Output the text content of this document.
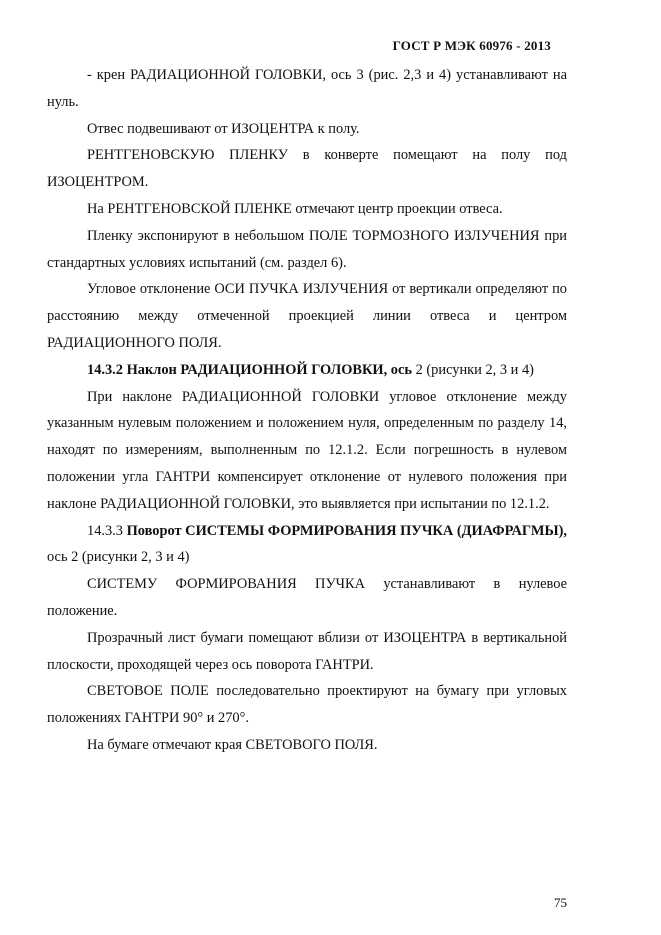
ГОСТ Р МЭК 60976 - 2013

- крен РАДИАЦИОННОЙ ГОЛОВКИ, ось 3 (рис. 2,3 и 4) устанавливают на нуль.

Отвес подвешивают от ИЗОЦЕНТРА к полу.

РЕНТГЕНОВСКУЮ ПЛЕНКУ в конверте помещают на полу под ИЗОЦЕНТРОМ.

На РЕНТГЕНОВСКОЙ ПЛЕНКЕ отмечают центр проекции отвеса.

Пленку экспонируют в небольшом ПОЛЕ ТОРМОЗНОГО ИЗЛУЧЕНИЯ при стандартных условиях испытаний (см. раздел 6).

Угловое отклонение ОСИ ПУЧКА ИЗЛУЧЕНИЯ от вертикали определяют по расстоянию между отмеченной проекцией линии отвеса и центром РАДИАЦИОННОГО ПОЛЯ.

14.3.2 Наклон РАДИАЦИОННОЙ ГОЛОВКИ, ось 2 (рисунки 2, 3 и 4)

При наклоне РАДИАЦИОННОЙ ГОЛОВКИ угловое отклонение между указанным нулевым положением и положением нуля, определенным по разделу 14, находят по измерениям, выполненным по 12.1.2. Если погрешность в нулевом положении угла ГАНТРИ компенсирует отклонение от нулевого положения при наклоне РАДИАЦИОННОЙ ГОЛОВКИ, это выявляется при испытании по 12.1.2.

14.3.3 Поворот СИСТЕМЫ ФОРМИРОВАНИЯ ПУЧКА (ДИАФРАГМЫ), ось 2 (рисунки 2, 3 и 4)

СИСТЕМУ ФОРМИРОВАНИЯ ПУЧКА устанавливают в нулевое положение.

Прозрачный лист бумаги помещают вблизи от ИЗОЦЕНТРА в вертикальной плоскости, проходящей через ось поворота ГАНТРИ.

СВЕТОВОЕ ПОЛЕ последовательно проектируют на бумагу при угловых положениях ГАНТРИ 90° и 270°.

На бумаге отмечают края СВЕТОВОГО ПОЛЯ.

75
